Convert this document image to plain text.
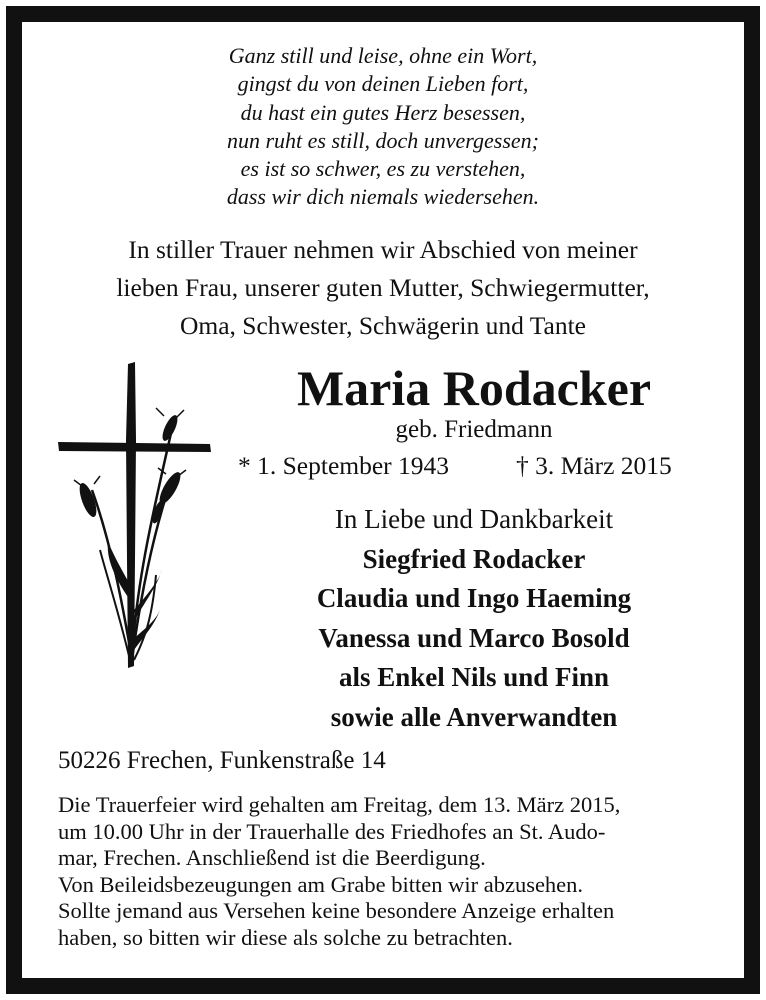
Ganz still und leise, ohne ein Wort,
gingst du von deinen Lieben fort,
du hast ein gutes Herz besessen,
nun ruht es still, doch unvergessen;
es ist so schwer, es zu verstehen,
dass wir dich niemals wiedersehen.
In stiller Trauer nehmen wir Abschied von meiner
lieben Frau, unserer guten Mutter, Schwiegermutter,
Oma, Schwester, Schwägerin und Tante
Maria Rodacker
geb. Friedmann
* 1. September 1943	† 3. März 2015
In Liebe und Dankbarkeit
Siegfried Rodacker
Claudia und Ingo Haeming
Vanessa und Marco Bosold
als Enkel Nils und Finn
sowie alle Anverwandten
50226 Frechen, Funkenstraße 14
Die Trauerfeier wird gehalten am Freitag, dem 13. März 2015,
um 10.00 Uhr in der Trauerhalle des Friedhofes an St. Audo-
mar, Frechen. Anschließend ist die Beerdigung.
Von Beileidsbezeugungen am Grabe bitten wir abzusehen.
Sollte jemand aus Versehen keine besondere Anzeige erhalten
haben, so bitten wir diese als solche zu betrachten.
